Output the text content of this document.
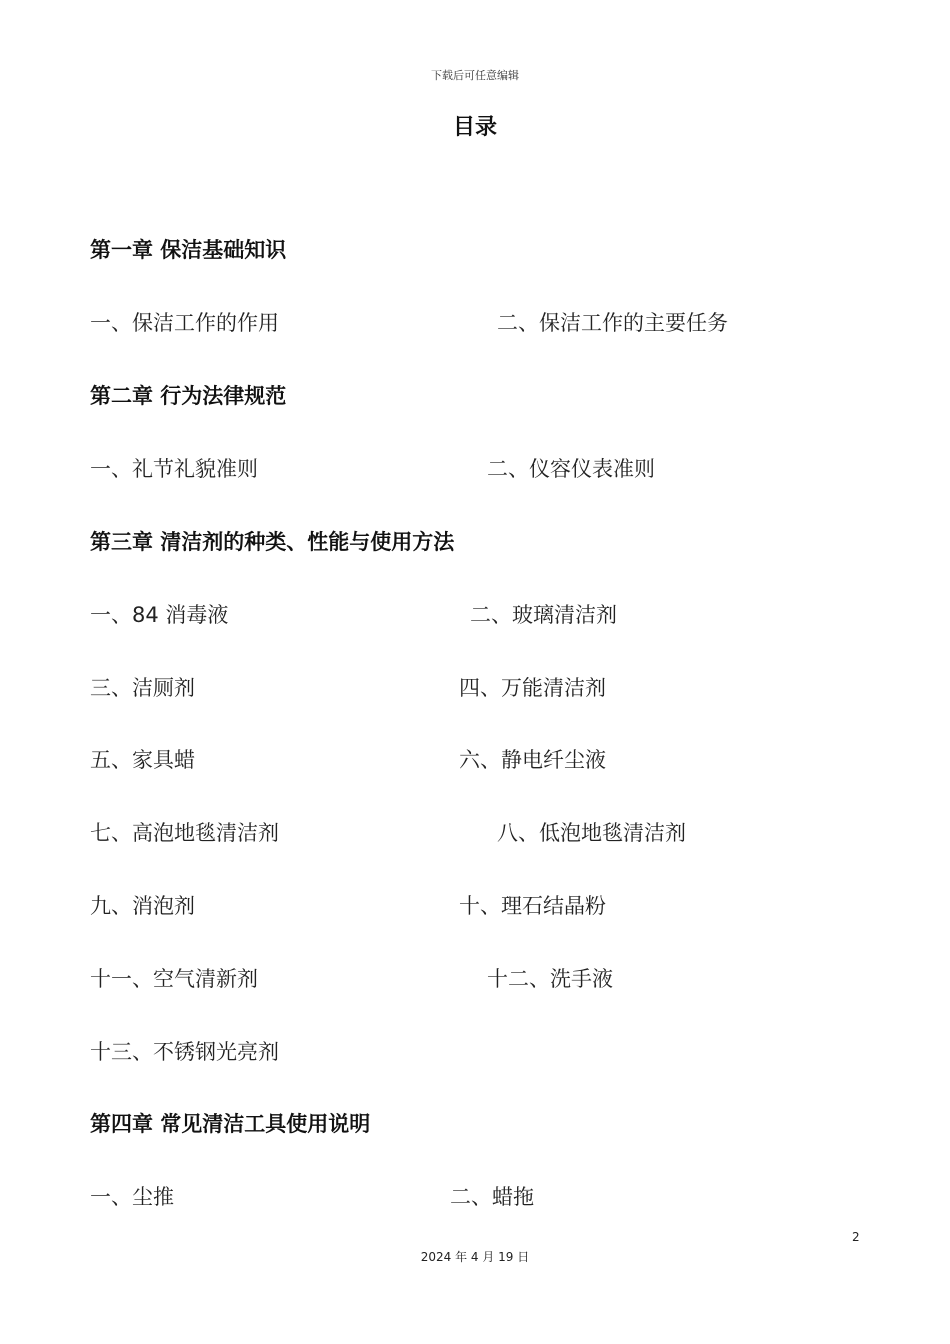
下载后可任意编辑
目录
第一章 保洁基础知识
一、保洁工作的作用	二、保洁工作的主要任务
第二章 行为法律规范
一、礼节礼貌准则	二、仪容仪表准则
第三章 清洁剂的种类、性能与使用方法
一、84 消毒液	二、玻璃清洁剂
三、洁厕剂	四、万能清洁剂
五、家具蜡	六、静电纤尘液
七、高泡地毯清洁剂	八、低泡地毯清洁剂
九、消泡剂	十、理石结晶粉
十一、空气清新剂	十二、洗手液
十三、不锈钢光亮剂
第四章 常见清洁工具使用说明
一、尘推	二、蜡拖
2
2024 年 4 月 19 日
